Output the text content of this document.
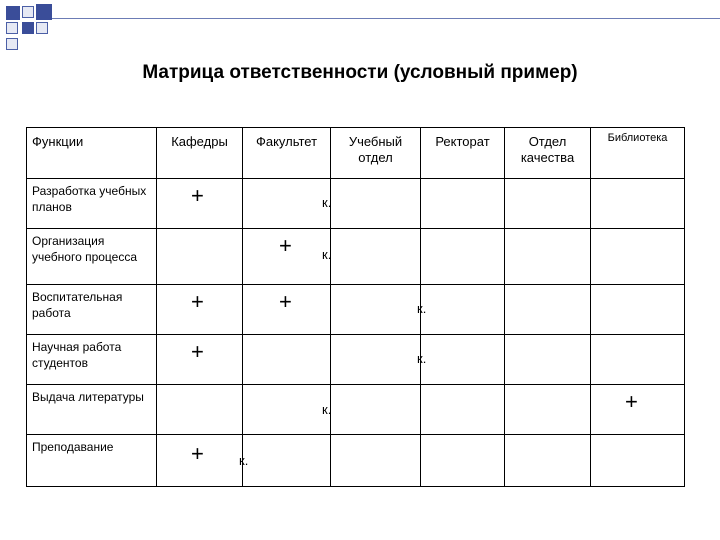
Матрица ответственности (условный пример)
Функции	Кафедры	Факультет	Учебный отдел	Ректорат	Отдел качества	Библиотека

Разработка учебных планов	+		к.			

Организация учебного процесса		+	к.			

Воспитательная работа	+	+		к.		

Научная работа студентов	+			к.		

Выдача литературы			к.			+

Преподавание	+	к.				
